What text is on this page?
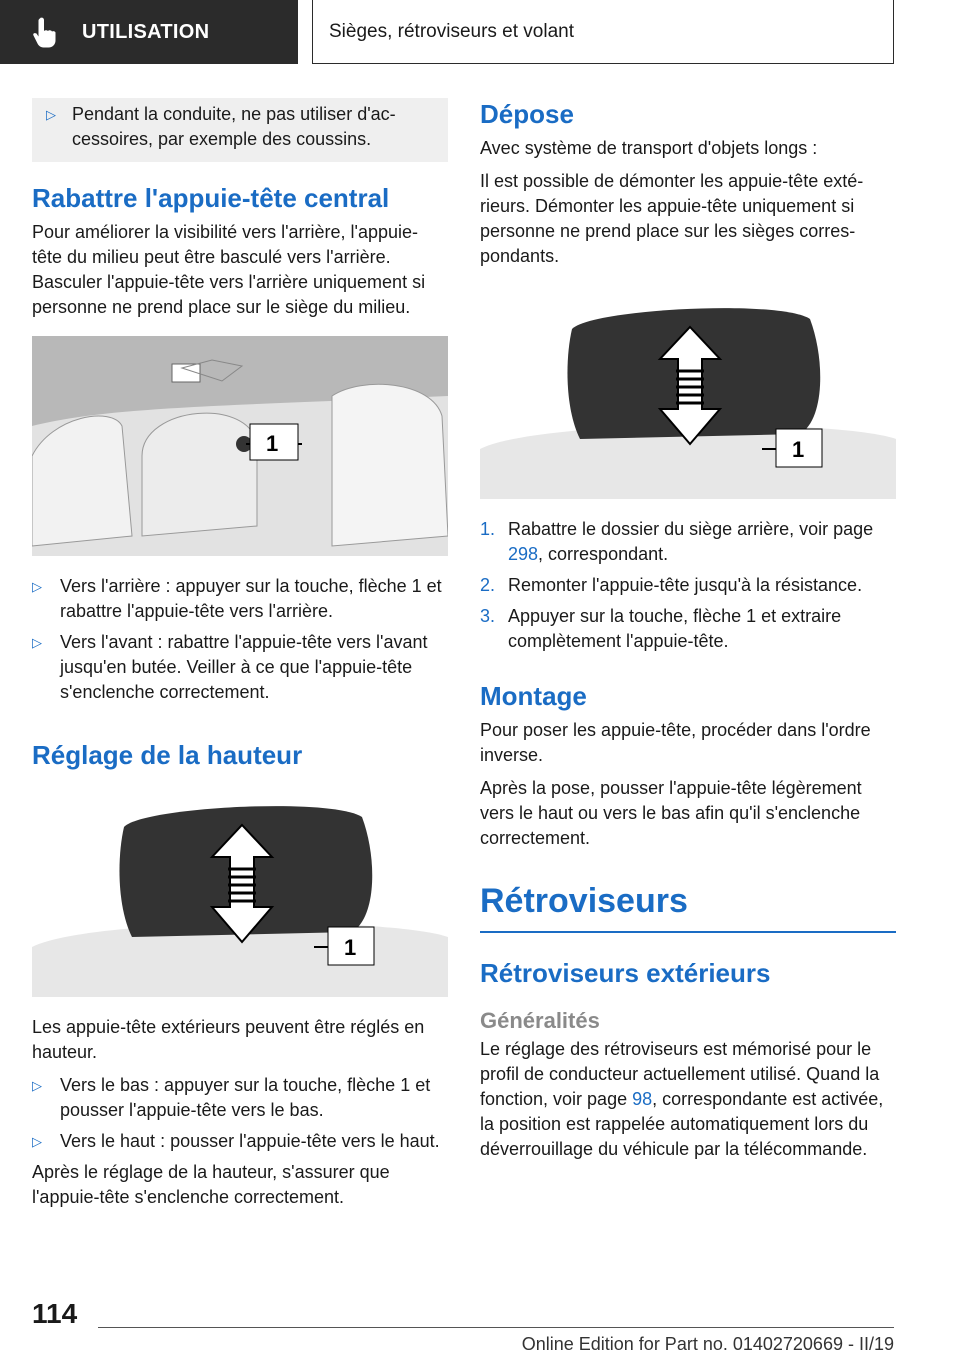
UTILISATION	Sièges, rétroviseurs et volant
▷ Pendant la conduite, ne pas utiliser d'accessoires, par exemple des coussins.
Rabattre l'appuie-tête central

Pour améliorer la visibilité vers l'arrière, l'appuie-tête du milieu peut être basculé vers l'arrière. Basculer l'appuie-tête vers l'arrière uniquement si personne ne prend place sur le siège du milieu.

1
▷ Vers l'arrière : appuyer sur la touche, flèche 1 et rabattre l'appuie-tête vers l'arrière.
▷ Vers l'avant : rabattre l'appuie-tête vers l'avant jusqu'en butée. Veiller à ce que l'appuie-tête s'enclenche correctement.
Réglage de la hauteur
1

Les appuie-tête extérieurs peuvent être réglés en hauteur.

▷ Vers le bas : appuyer sur la touche, flèche 1 et pousser l'appuie-tête vers le bas.
▷ Vers le haut : pousser l'appuie-tête vers le haut.

Après le réglage de la hauteur, s'assurer que l'appuie-tête s'enclenche correctement.

Dépose

Avec système de transport d'objets longs :

Il est possible de démonter les appuie-tête extérieurs. Démonter les appuie-tête uniquement si personne ne prend place sur les sièges correspondants.

1
1. Rabattre le dossier du siège arrière, voir page 298, correspondant.
2. Remonter l'appuie-tête jusqu'à la résistance.
3. Appuyer sur la touche, flèche 1 et extraire complètement l'appuie-tête.
Montage

Pour poser les appuie-tête, procéder dans l'ordre inverse.

Après la pose, pousser l'appuie-tête légèrement vers le haut ou vers le bas afin qu'il s'enclenche correctement.

Rétroviseurs
Rétroviseurs extérieurs
Généralités

Le réglage des rétroviseurs est mémorisé pour le profil de conducteur actuellement utilisé. Quand la fonction, voir page 98, correspondante est activée, la position est rappelée automatiquement lors du déverrouillage du véhicule par la télécommande.

114
Online Edition for Part no. 01402720669 - II/19
